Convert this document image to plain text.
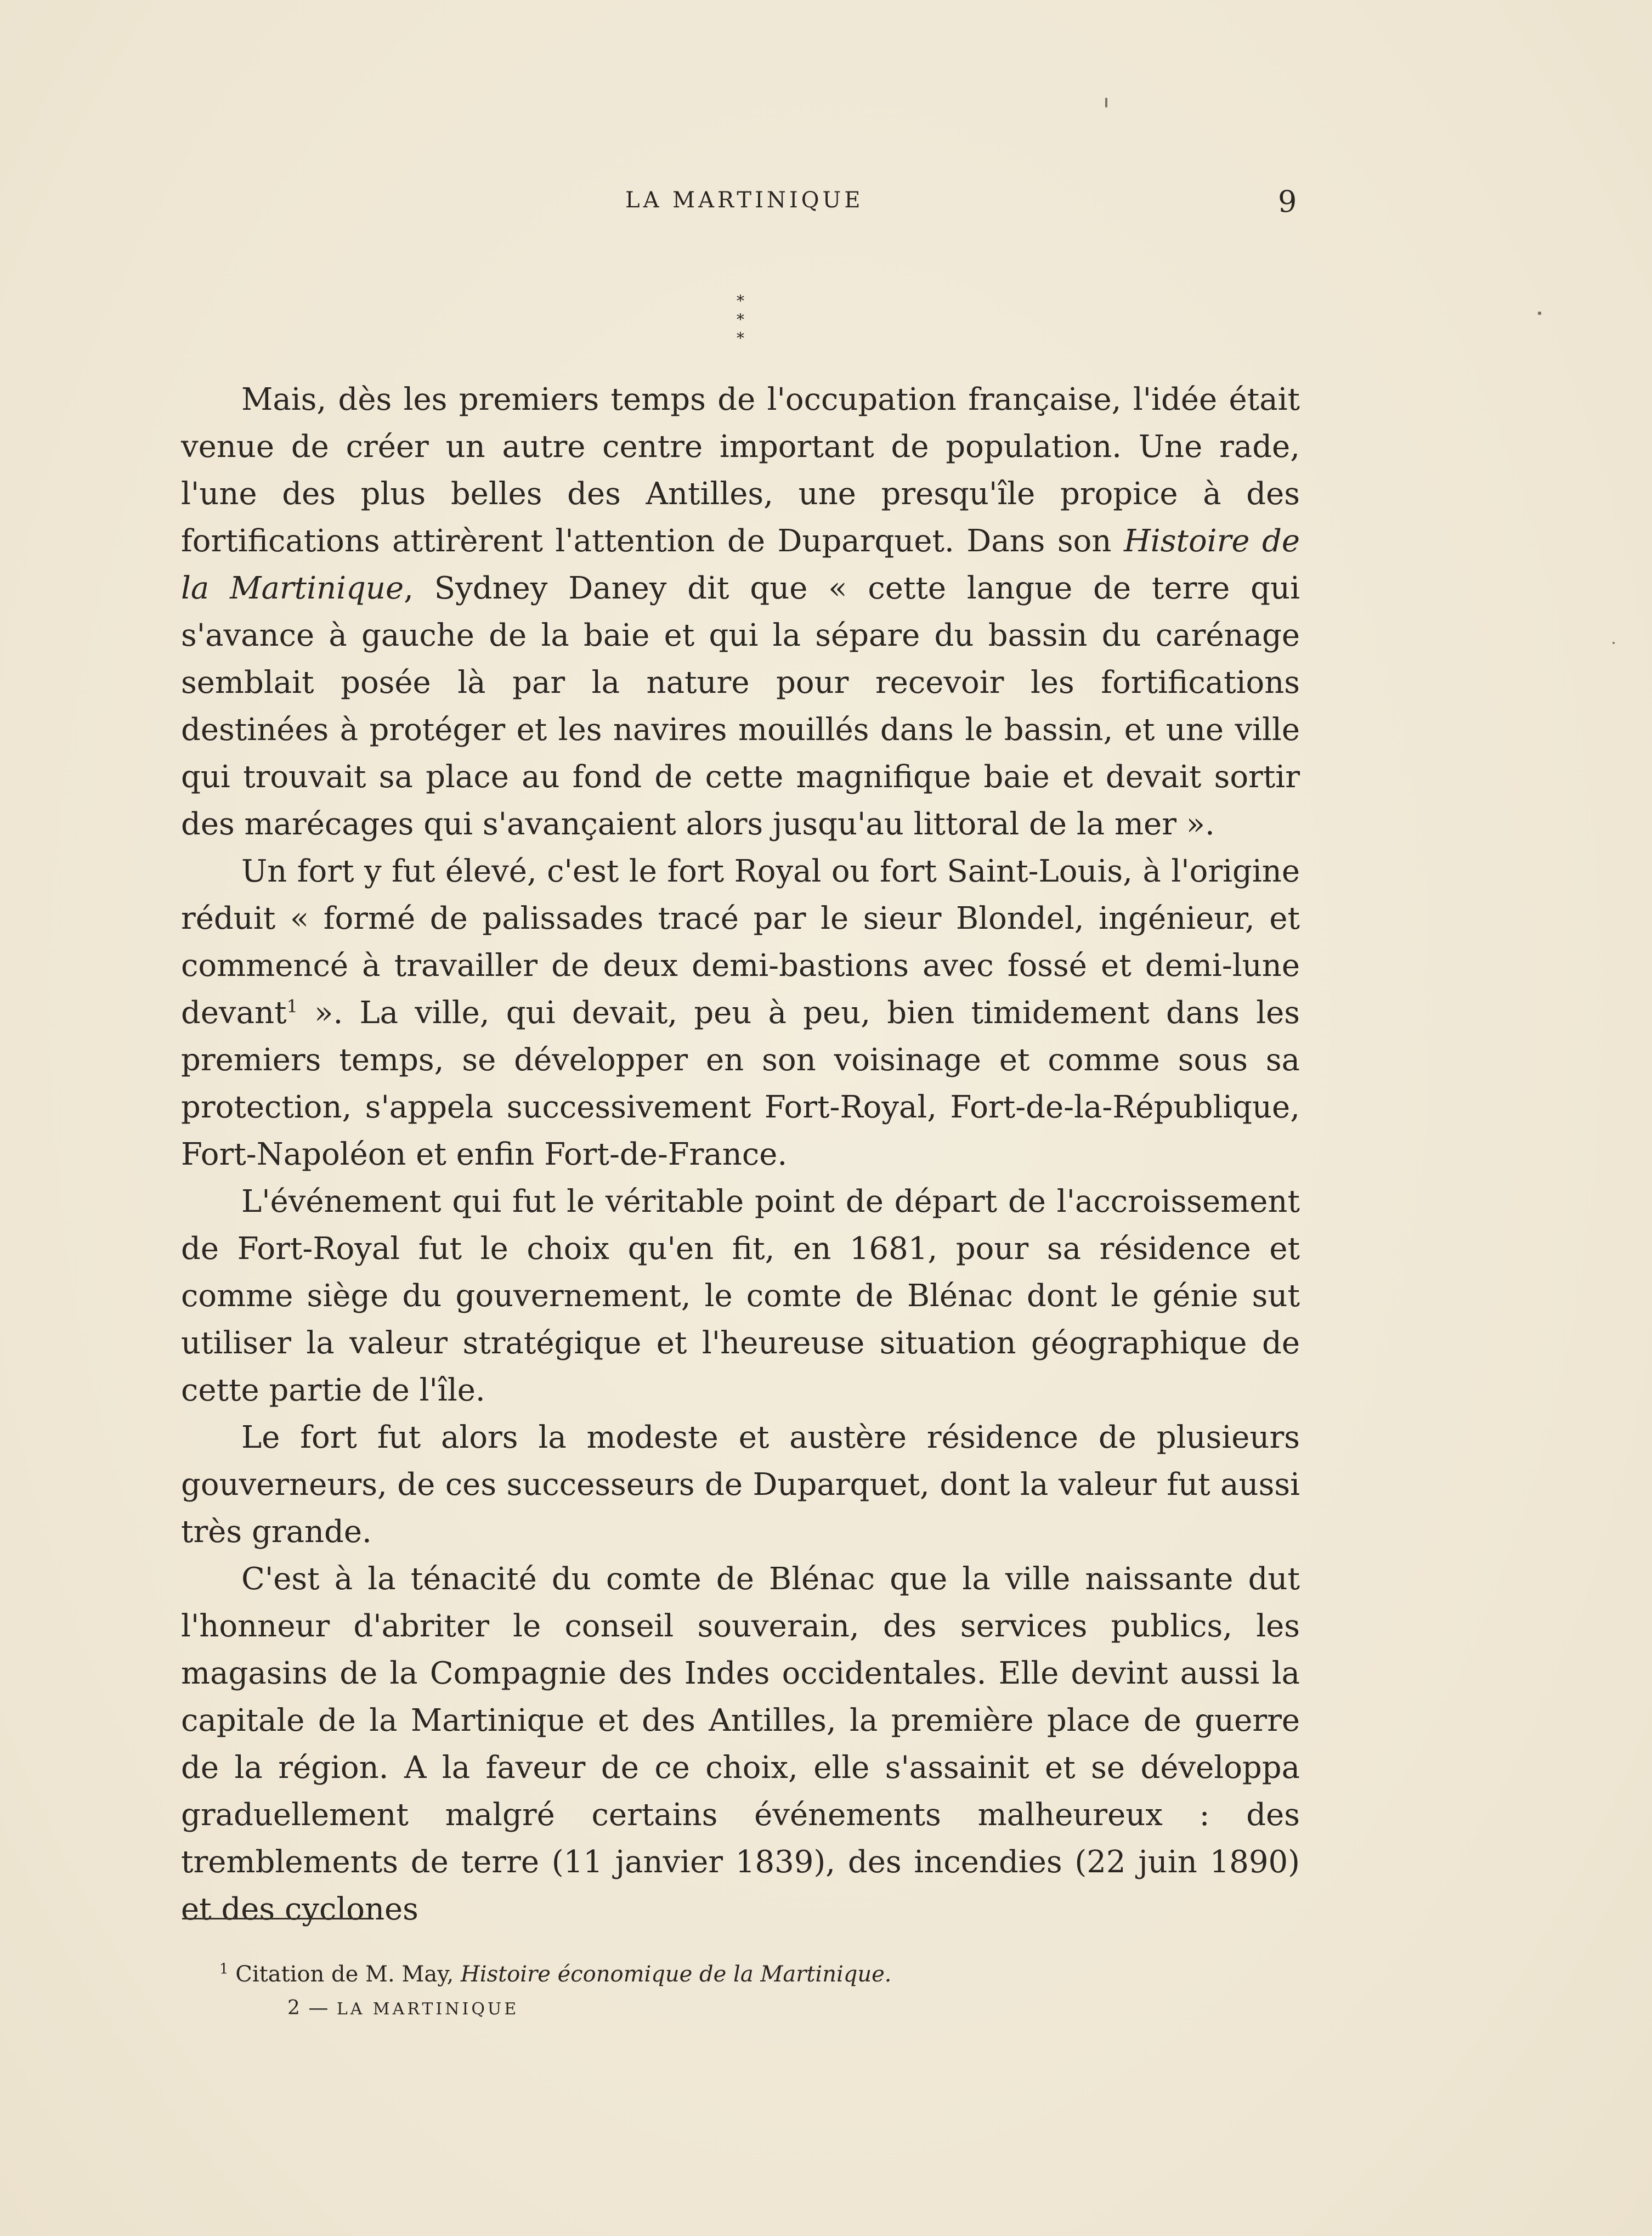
LA MARTINIQUE	9
*
* *

Mais, dès les premiers temps de l'occupation française, l'idée était venue de créer un autre centre important de population. Une rade, l'une des plus belles des Antilles, une presqu'île propice à des fortifications attirèrent l'attention de Duparquet. Dans son Histoire de la Martinique, Sydney Daney dit que « cette langue de terre qui s'avance à gauche de la baie et qui la sépare du bassin du carénage semblait posée là par la nature pour recevoir les fortifications destinées à protéger et les navires mouillés dans le bassin, et une ville qui trouvait sa place au fond de cette magnifique baie et devait sortir des marécages qui s'avançaient alors jusqu'au littoral de la mer ».

Un fort y fut élevé, c'est le fort Royal ou fort Saint-Louis, à l'origine réduit « formé de palissades tracé par le sieur Blondel, ingénieur, et commencé à travailler de deux demi-bastions avec fossé et demi-lune devant$^1$ ». La ville, qui devait, peu à peu, bien timidement dans les premiers temps, se développer en son voisinage et comme sous sa protection, s'appela successivement Fort-Royal, Fort-de-la-République, Fort-Napoléon et enfin Fort-de-France.

L'événement qui fut le véritable point de départ de l'accroissement de Fort-Royal fut le choix qu'en fit, en 1681, pour sa résidence et comme siège du gouvernement, le comte de Blénac dont le génie sut utiliser la valeur stratégique et l'heureuse situation géographique de cette partie de l'île.

Le fort fut alors la modeste et austère résidence de plusieurs gouverneurs, de ces successeurs de Duparquet, dont la valeur fut aussi très grande.

C'est à la ténacité du comte de Blénac que la ville naissante dut l'honneur d'abriter le conseil souverain, des services publics, les magasins de la Compagnie des Indes occidentales. Elle devint aussi la capitale de la Martinique et des Antilles, la première place de guerre de la région. A la faveur de ce choix, elle s'assainit et se développa graduellement malgré certains événements malheureux : des tremblements de terre (11 janvier 1839), des incendies (22 juin 1890) et des cyclones

$^1$ Citation de M. May, Histoire économique de la Martinique.
2 — LA MARTINIQUE
